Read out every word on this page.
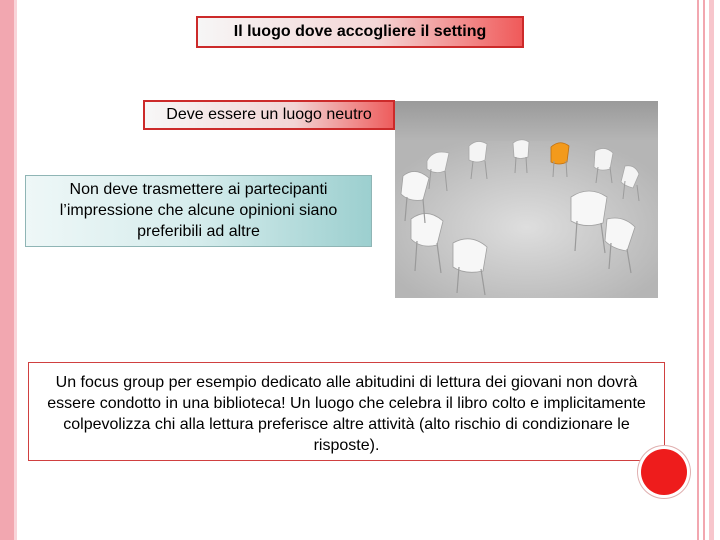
Il luogo dove accogliere il setting
Deve essere un luogo neutro
Non deve trasmettere ai partecipanti l’impressione che alcune opinioni siano preferibili ad altre
Un focus group per esempio dedicato alle abitudini di lettura dei giovani non dovrà essere condotto in una biblioteca! Un luogo che celebra il libro colto e implicitamente colpevolizza chi alla lettura preferisce altre attività (alto rischio di condizionare le risposte).
